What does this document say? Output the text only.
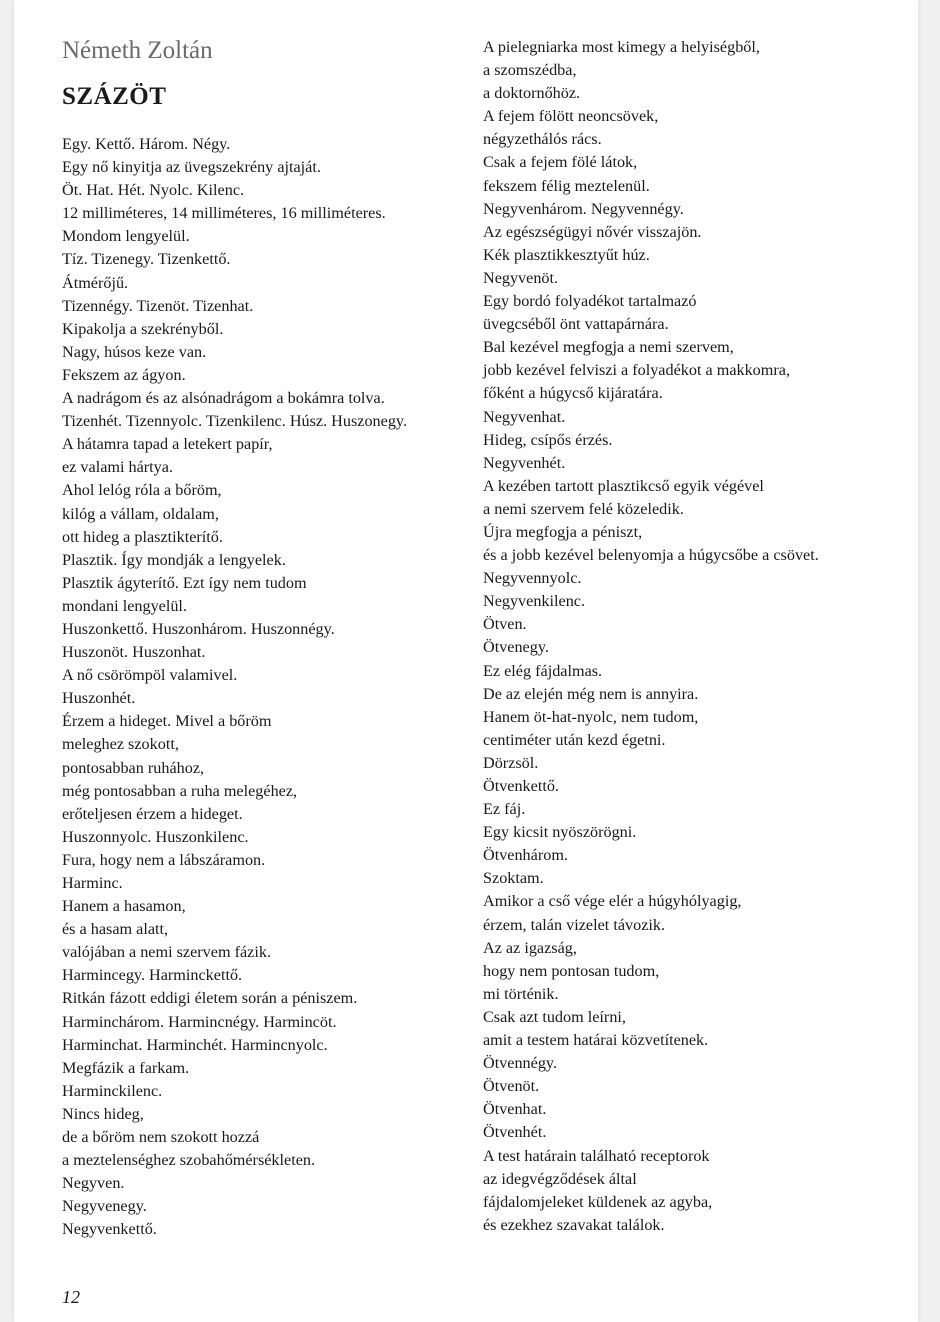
Németh Zoltán
SZÁZÖT
Egy. Kettő. Három. Négy.
Egy nő kinyitja az üvegszekrény ajtaját.
Öt. Hat. Hét. Nyolc. Kilenc.
12 milliméteres, 14 milliméteres, 16 milliméteres.
Mondom lengyelül.
Tíz. Tizenegy. Tizenkettő.
Átmérőjű.
Tizennégy. Tizenöt. Tizenhat.
Kipakolja a szekrényből.
Nagy, húsos keze van.
Fekszem az ágyon.
A nadrágom és az alsónadrágom a bokámra tolva.
Tizenhét. Tizennyolc. Tizenkilenc. Húsz. Huszonegy.
A hátamra tapad a letekert papír,
ez valami hártya.
Ahol lelóg róla a bőröm,
kilóg a vállam, oldalam,
ott hideg a plasztikterítő.
Plasztik. Így mondják a lengyelek.
Plasztik ágyterítő. Ezt így nem tudom
mondani lengyelül.
Huszonkettő. Huszonhárom. Huszonnégy.
Huszonöt. Huszonhat.
A nő csörömpöl valamivel.
Huszonhét.
Érzem a hideget. Mivel a bőröm
meleghez szokott,
pontosabban ruhához,
még pontosabban a ruha melegéhez,
erőteljesen érzem a hideget.
Huszonnyolc. Huszonkilenc.
Fura, hogy nem a lábszáramon.
Harminc.
Hanem a hasamon,
és a hasam alatt,
valójában a nemi szervem fázik.
Harmincegy. Harminckettő.
Ritkán fázott eddigi életem során a péniszem.
Harminchárom. Harmincnégy. Harmincöt.
Harminchat. Harminchét. Harmincnyolc.
Megfázik a farkam.
Harminckilenc.
Nincs hideg,
de a bőröm nem szokott hozzá
a meztelenséghez szobahőmérsékleten.
Negyven.
Negyvenegy.
Negyvenkettő.
A pielegniarka most kimegy a helyiségből,
a szomszédba,
a doktornőhöz.
A fejem fölött neoncsövek,
négyzethálós rács.
Csak a fejem fölé látok,
fekszem félig meztelenül.
Negyvenhárom. Negyvennégy.
Az egészségügyi nővér visszajön.
Kék plasztikkesztyűt húz.
Negyvenöt.
Egy bordó folyadékot tartalmazó
üvegcséből önt vattapárnára.
Bal kezével megfogja a nemi szervem,
jobb kezével felviszi a folyadékot a makkomra,
főként a húgycső kijáratára.
Negyvenhat.
Hideg, csípős érzés.
Negyvenhét.
A kezében tartott plasztikcső egyik végével
a nemi szervem felé közeledik.
Újra megfogja a péniszt,
és a jobb kezével belenyomja a húgycsőbe a csövet.
Negyvennyolc.
Negyvenkilenc.
Ötven.
Ötvenegy.
Ez elég fájdalmas.
De az elején még nem is annyira.
Hanem öt-hat-nyolc, nem tudom,
centiméter után kezd égetni.
Dörzsöl.
Ötvenkettő.
Ez fáj.
Egy kicsit nyöszörögni.
Ötvenhárom.
Szoktam.
Amikor a cső vége elér a húgyhólyagig,
érzem, talán vizelet távozik.
Az az igazság,
hogy nem pontosan tudom,
mi történik.
Csak azt tudom leírni,
amit a testem határai közvetítenek.
Ötvennégy.
Ötvenöt.
Ötvenhat.
Ötvenhét.
A test határain található receptorok
az idegvégződések által
fájdalomjeleket küldenek az agyba,
és ezekhez szavakat találok.
12
